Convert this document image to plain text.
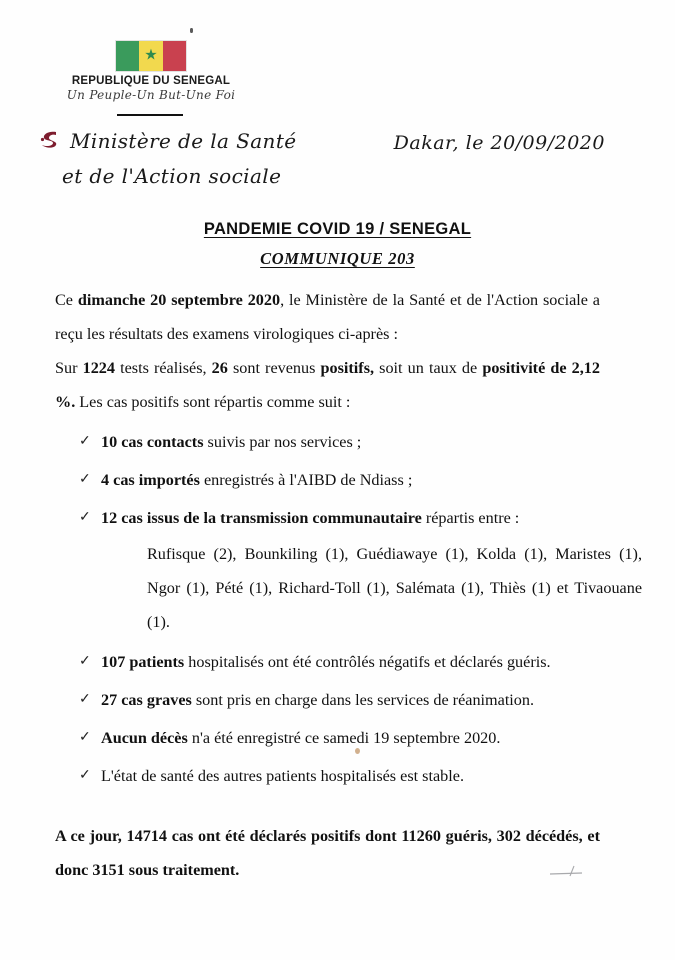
★
REPUBLIQUE DU SENEGAL
Un Peuple-Un But-Une Foi
Ministère de la Santé
et de l'Action sociale
Dakar, le 20/09/2020
PANDEMIE COVID 19 / SENEGAL
COMMUNIQUE 203

Ce dimanche 20 septembre 2020, le Ministère de la Santé et de l'Action sociale a reçu les résultats des examens virologiques ci-après :

Sur 1224 tests réalisés, 26 sont revenus positifs, soit un taux de positivité de 2,12 %. Les cas positifs sont répartis comme suit :

✓ 10 cas contacts suivis par nos services ;
✓ 4 cas importés enregistrés à l'AIBD de Ndiass ;
✓ 12 cas issus de la transmission communautaire répartis entre :
Rufisque (2), Bounkiling (1), Guédiawaye (1), Kolda (1), Maristes (1), Ngor (1), Pété (1), Richard-Toll (1), Salémata (1), Thiès (1) et Tivaouane (1).
✓ 107 patients hospitalisés ont été contrôlés négatifs et déclarés guéris.
✓ 27 cas graves sont pris en charge dans les services de réanimation.
✓ Aucun décès n'a été enregistré ce samedi 19 septembre 2020.
✓ L'état de santé des autres patients hospitalisés est stable.

A ce jour, 14714 cas ont été déclarés positifs dont 11260 guéris, 302 décédés, et donc 3151 sous traitement.
